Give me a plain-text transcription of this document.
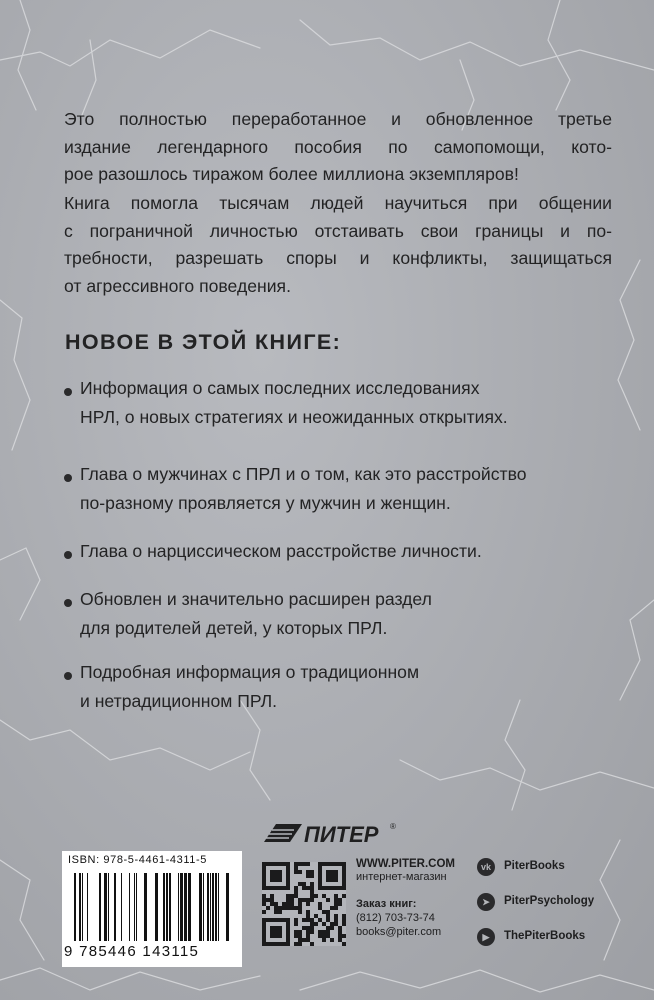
Это полностью переработанное и обновленное третье
издание легендарного пособия по самопомощи, кото-
рое разошлось тиражом более миллиона экземпляров!

Книга помогла тысячам людей научиться при общении
с пограничной личностью отстаивать свои границы и по-
требности, разрешать споры и конфликты, защищаться
от агрессивного поведения.

НОВОЕ В ЭТОЙ КНИГЕ:
Информация о самых последних исследованиях
НРЛ, о новых стратегиях и неожиданных открытиях.
Глава о мужчинах с ПРЛ и о том, как это расстройство
по-разному проявляется у мужчин и женщин.
Глава о нарциссическом расстройстве личности.
Обновлен и значительно расширен раздел
для родителей детей, у которых ПРЛ.
Подробная информация о традиционном
и нетрадиционном ПРЛ.
ПИТЕР ®
ISBN: 978-5-4461-4311-5
9 785446 143115
WWW.PITER.COM
интернет-магазин
Заказ книг:
(812) 703-73-74
books@piter.com
vk	PiterBooks
➤	PiterPsychology
▶	ThePiterBooks
